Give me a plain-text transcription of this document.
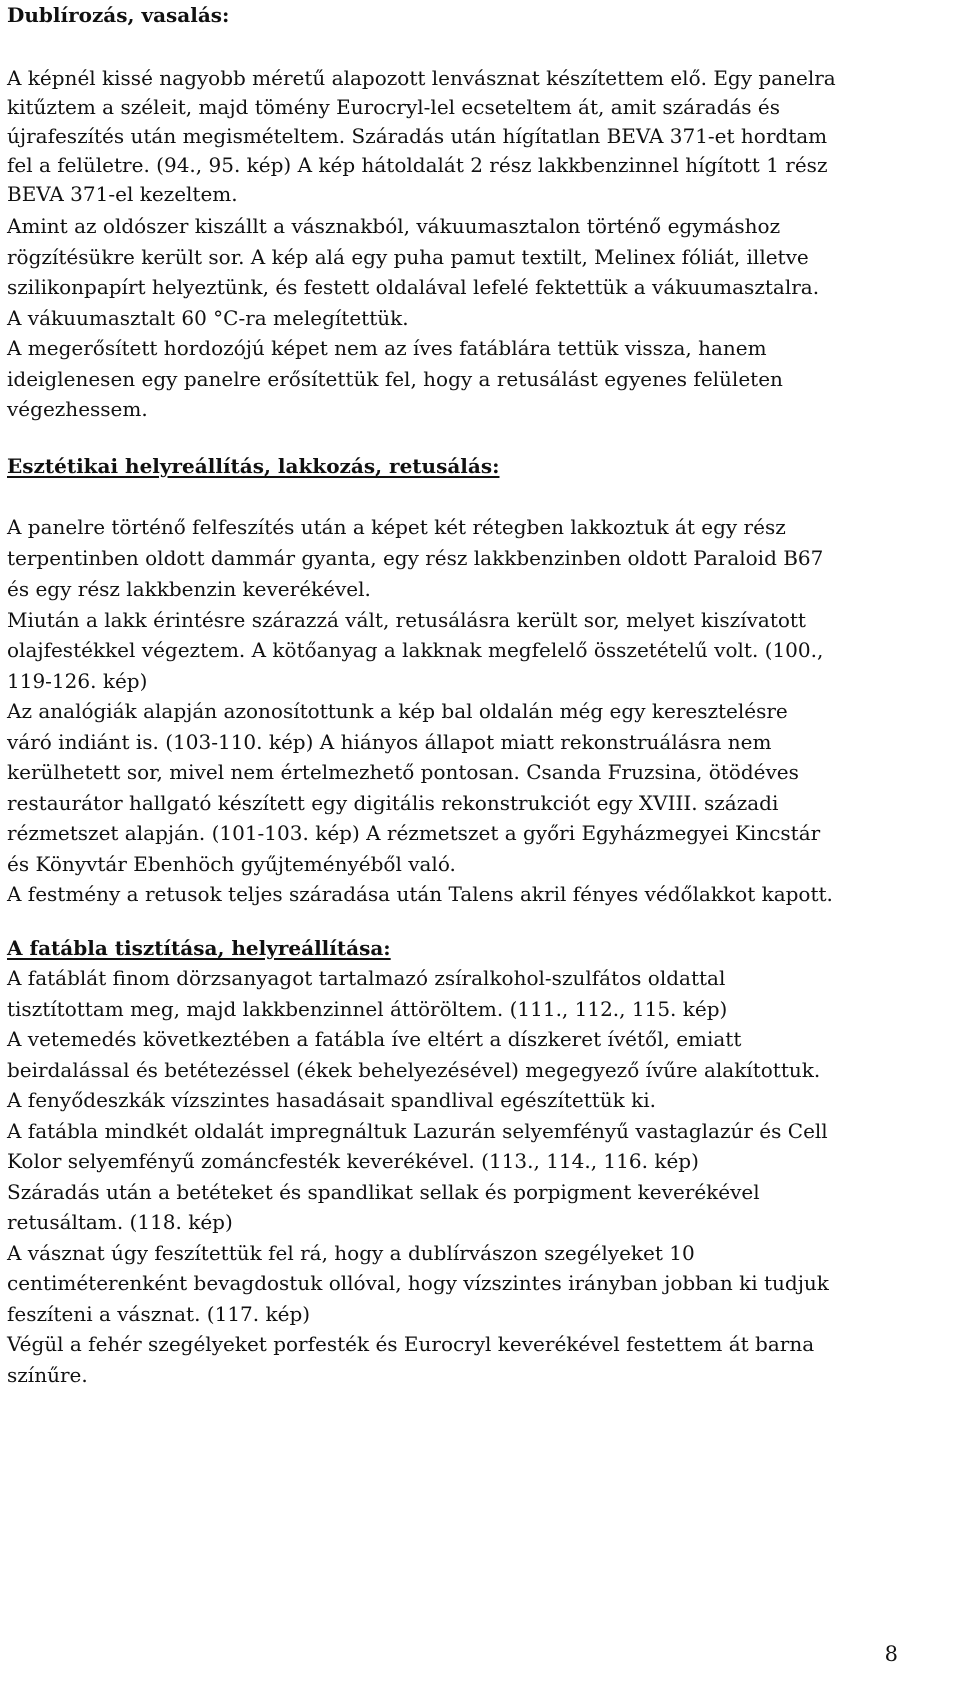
Dublírozás, vasalás:
A képnél kissé nagyobb méretű alapozott lenvásznat készítettem elő. Egy panelra
kitűztem a széleit, majd tömény Eurocryl-lel ecseteltem át, amit száradás és
újrafeszítés után megismételtem. Száradás után hígítatlan BEVA 371-et hordtam
fel a felületre. (94., 95. kép) A kép hátoldalát 2 rész lakkbenzinnel hígított 1 rész
BEVA 371-el kezeltem.
Amint az oldószer kiszállt a vásznakból, vákuumasztalon történő egymáshoz
rögzítésükre került sor. A kép alá egy puha pamut textilt, Melinex fóliát, illetve
szilikonpapírt helyeztünk, és festett oldalával lefelé fektettük a vákuumasztalra.
A vákuumasztalt 60 °C-ra melegítettük.
A megerősített hordozójú képet nem az íves fatáblára tettük vissza, hanem
ideiglenesen egy panelre erősítettük fel, hogy a retusálást egyenes felületen
végezhessem.
Esztétikai helyreállítás, lakkozás, retusálás:
A panelre történő felfeszítés után a képet két rétegben lakkoztuk át egy rész
terpentinben oldott dammár gyanta, egy rész lakkbenzinben oldott Paraloid B67
és egy rész lakkbenzin keverékével.
Miután a lakk érintésre szárazzá vált, retusálásra került sor, melyet kiszívatott
olajfestékkel végeztem. A kötőanyag a lakknak megfelelő összetételű volt. (100.,
119-126. kép)
Az analógiák alapján azonosítottunk a kép bal oldalán még egy keresztelésre
váró indiánt is. (103-110. kép) A hiányos állapot miatt rekonstruálásra nem
kerülhetett sor, mivel nem értelmezhető pontosan. Csanda Fruzsina, ötödéves
restaurátor hallgató készített egy digitális rekonstrukciót egy XVIII. századi
rézmetszet alapján. (101-103. kép) A rézmetszet a győri Egyházmegyei Kincstár
és Könyvtár Ebenhöch gyűjteményéből való.
A festmény a retusok teljes száradása után Talens akril fényes védőlakkot kapott.
A fatábla tisztítása, helyreállítása:
A fatáblát finom dörzsanyagot tartalmazó zsíralkohol-szulfátos oldattal
tisztítottam meg, majd lakkbenzinnel áttöröltem. (111., 112., 115. kép)
A vetemedés következtében a fatábla íve eltért a díszkeret ívétől, emiatt
beirdalással és betétezéssel (ékek behelyezésével) megegyező ívűre alakítottuk.
A fenyődeszkák vízszintes hasadásait spandlival egészítettük ki.
A fatábla mindkét oldalát impregnáltuk Lazurán selyemfényű vastaglazúr és Cell
Kolor selyemfényű zománcfesték keverékével. (113., 114., 116. kép)
Száradás után a betéteket és spandlikat sellak és porpigment keverékével
retusáltam. (118. kép)
A vásznat úgy feszítettük fel rá, hogy a dublírvászon szegélyeket 10
centiméterenként bevagdostuk ollóval, hogy vízszintes irányban jobban ki tudjuk
feszíteni a vásznat. (117. kép)
Végül a fehér szegélyeket porfesték és Eurocryl keverékével festettem át barna
színűre.
8
